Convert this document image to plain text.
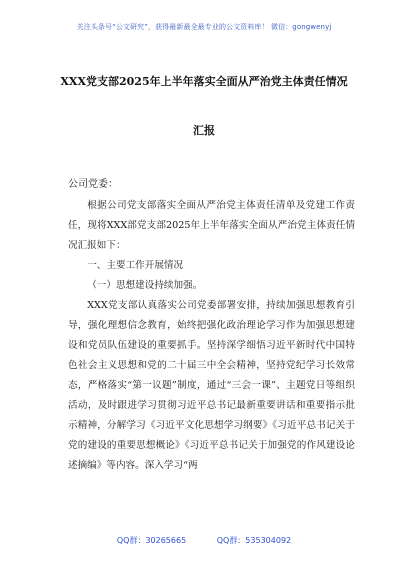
关注头条号“公文研究”，获得最新最全最专业的公文资料库！ 微信：gongwenyj
XXX党支部2025年上半年落实全面从严治党主体责任情况
汇报
公司党委：

根据公司党支部落实全面从严治党主体责任清单及党建工作责任，现将XXX部党支部2025年上半年落实全面从严治党主体责任情况汇报如下：

一、主要工作开展情况

（一）思想建设持续加强。

XXX党支部认真落实公司党委部署安排，持续加强思想教育引导，强化理想信念教育，始终把强化政治理论学习作为加强思想建设和党员队伍建设的重要抓手。坚持深学细悟习近平新时代中国特色社会主义思想和党的二十届三中全会精神，坚持党纪学习长效常态，严格落实“第一议题”制度，通过“三会一课”、主题党日等组织活动，及时跟进学习贯彻习近平总书记最新重要讲话和重要指示批示精神，分解学习《习近平文化思想学习纲要》《习近平总书记关于党的建设的重要思想概论》《习近平总书记关于加强党的作风建设论述摘编》等内容。深入学习“两

QQ群：30265665	QQ群：535304092
